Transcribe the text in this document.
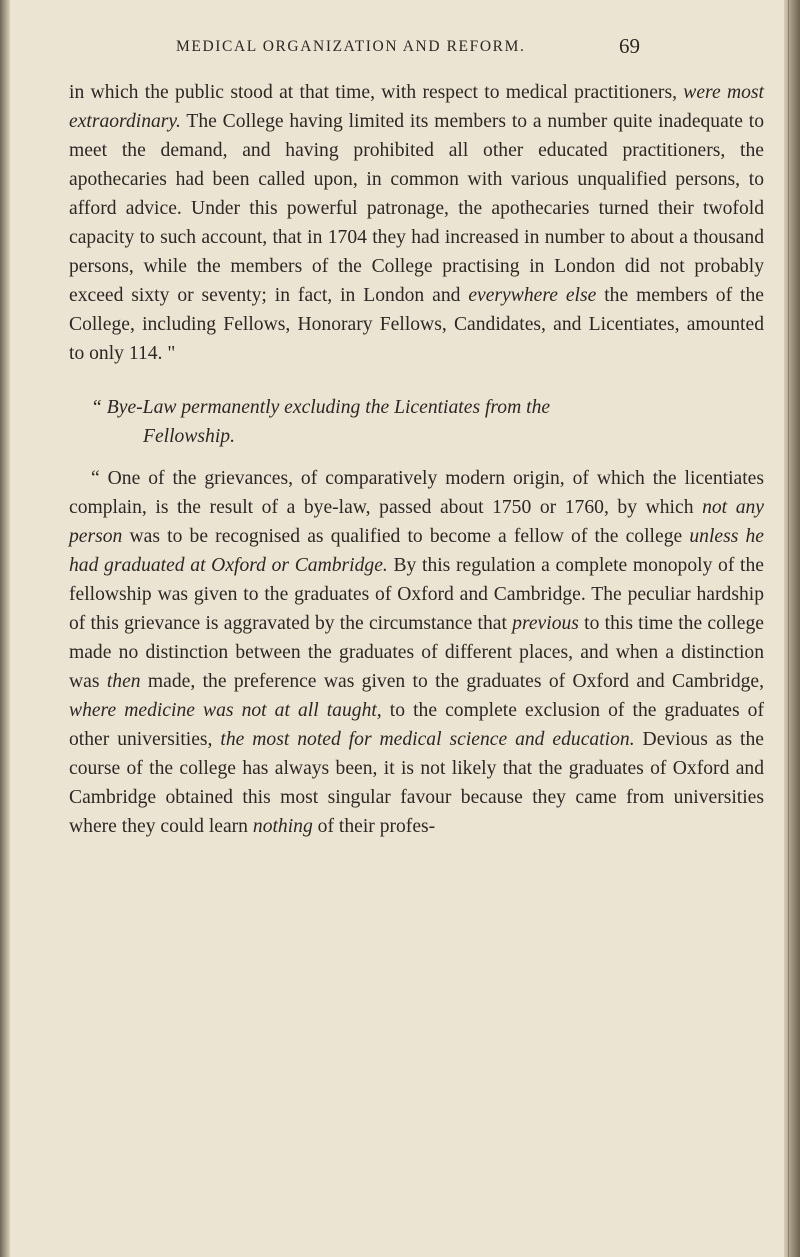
MEDICAL ORGANIZATION AND REFORM.	69

in which the public stood at that time, with respect to medical practitioners, were most extraordinary. The College having limited its members to a number quite inadequate to meet the demand, and having prohibited all other educated practitioners, the apothecaries had been called upon, in common with various unqualified persons, to afford advice. Under this powerful patronage, the apothecaries turned their twofold capacity to such account, that in 1704 they had increased in number to about a thousand persons, while the members of the College practising in London did not probably exceed sixty or seventy; in fact, in London and everywhere else the members of the College, including Fellows, Honorary Fellows, Candidates, and Licentiates, amounted to only 114. "

“ Bye-Law permanently excluding the Licentiates from the
Fellowship.

“ One of the grievances, of comparatively modern origin, of which the licentiates complain, is the result of a bye-law, passed about 1750 or 1760, by which not any person was to be recognised as qualified to become a fellow of the college unless he had graduated at Oxford or Cambridge. By this regulation a complete monopoly of the fellowship was given to the graduates of Oxford and Cambridge. The peculiar hardship of this grievance is aggravated by the circumstance that previous to this time the college made no distinction between the graduates of different places, and when a distinction was then made, the preference was given to the graduates of Oxford and Cambridge, where medicine was not at all taught, to the complete exclusion of the graduates of other universities, the most noted for medical science and education. Devious as the course of the college has always been, it is not likely that the graduates of Oxford and Cambridge obtained this most singular favour because they came from universities where they could learn nothing of their profes-
